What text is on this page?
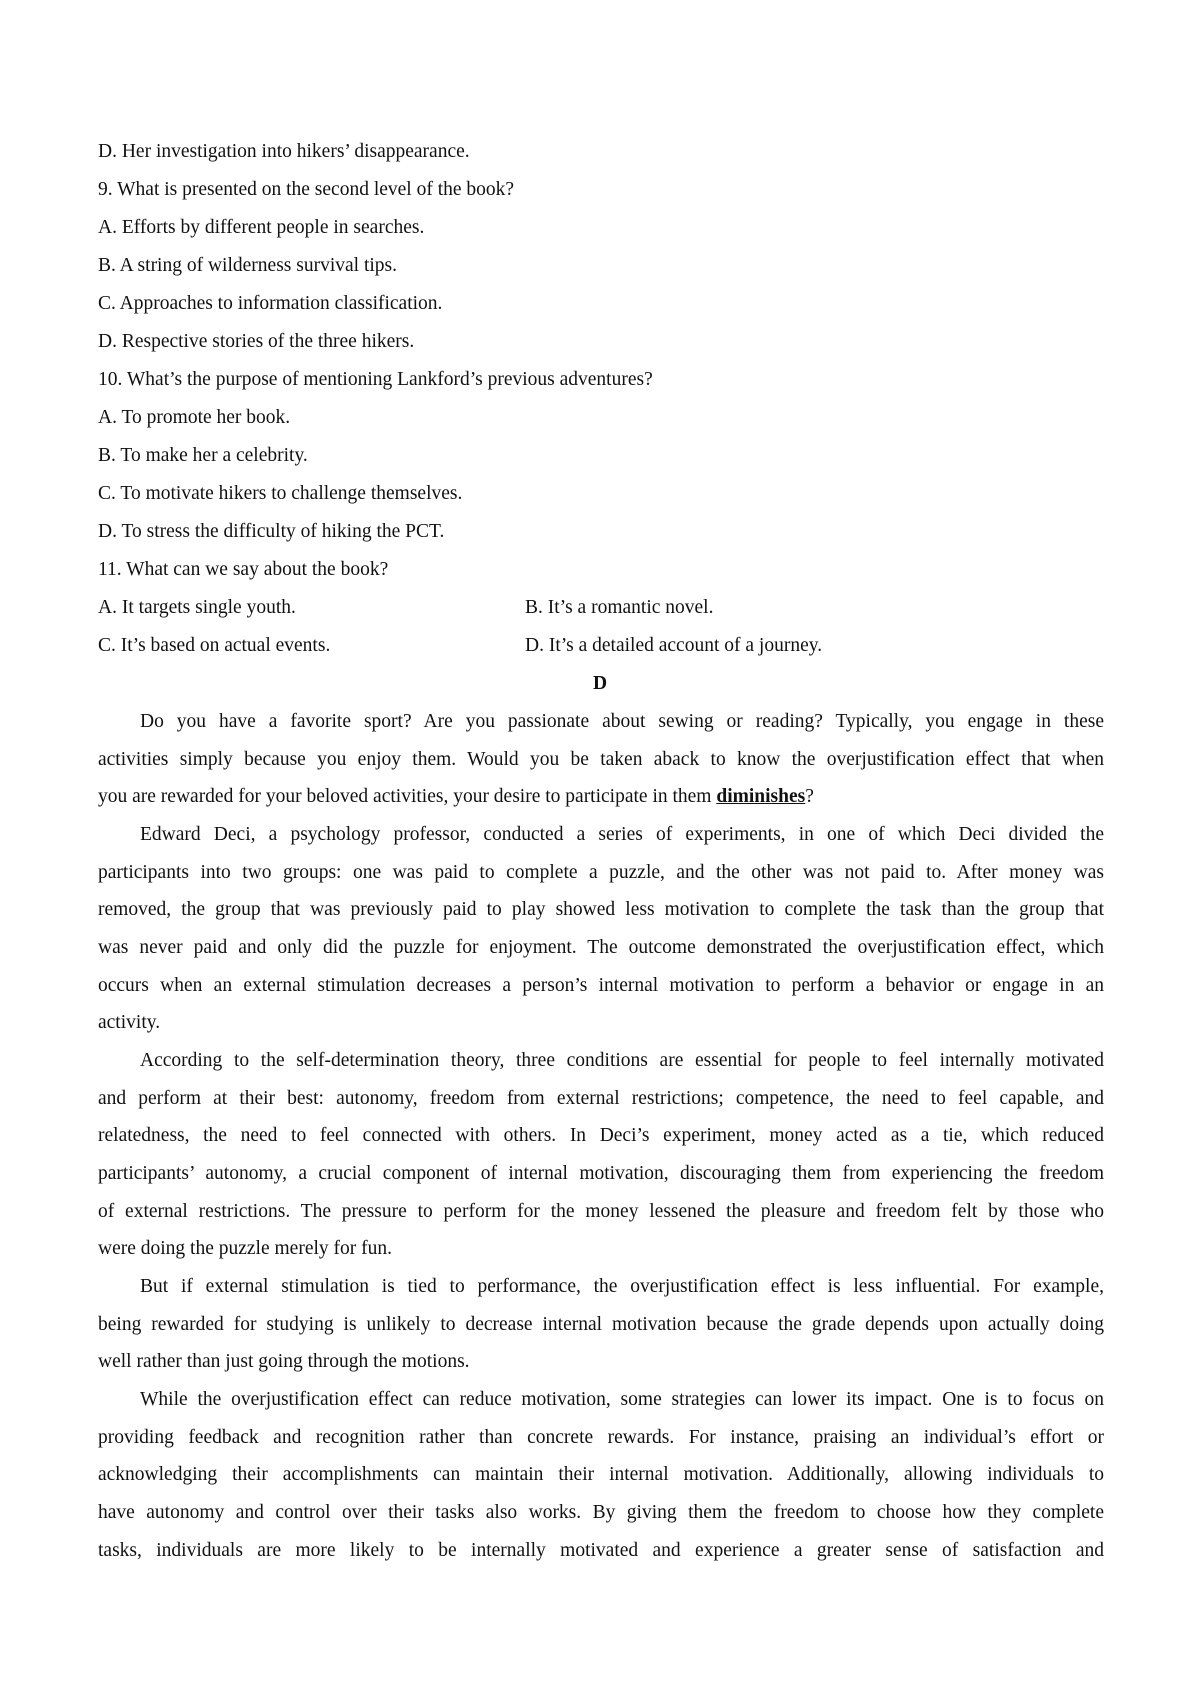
D. Her investigation into hikers’ disappearance.
9. What is presented on the second level of the book?
A. Efforts by different people in searches.
B. A string of wilderness survival tips.
C. Approaches to information classification.
D. Respective stories of the three hikers.
10. What’s the purpose of mentioning Lankford’s previous adventures?
A. To promote her book.
B. To make her a celebrity.
C. To motivate hikers to challenge themselves.
D. To stress the difficulty of hiking the PCT.
11. What can we say about the book?
A. It targets single youth.	B. It’s a romantic novel.
C. It’s based on actual events.	D. It’s a detailed account of a journey.
D
Do you have a favorite sport? Are you passionate about sewing or reading? Typically, you engage in these
activities simply because you enjoy them. Would you be taken aback to know the overjustification effect that when
you are rewarded for your beloved activities, your desire to participate in them diminishes?
Edward Deci, a psychology professor, conducted a series of experiments, in one of which Deci divided the
participants into two groups: one was paid to complete a puzzle, and the other was not paid to. After money was
removed, the group that was previously paid to play showed less motivation to complete the task than the group that
was never paid and only did the puzzle for enjoyment. The outcome demonstrated the overjustification effect, which
occurs when an external stimulation decreases a person’s internal motivation to perform a behavior or engage in an
activity.
According to the self-determination theory, three conditions are essential for people to feel internally motivated
and perform at their best: autonomy, freedom from external restrictions; competence, the need to feel capable, and
relatedness, the need to feel connected with others. In Deci’s experiment, money acted as a tie, which reduced
participants’ autonomy, a crucial component of internal motivation, discouraging them from experiencing the freedom
of external restrictions. The pressure to perform for the money lessened the pleasure and freedom felt by those who
were doing the puzzle merely for fun.
But if external stimulation is tied to performance, the overjustification effect is less influential. For example,
being rewarded for studying is unlikely to decrease internal motivation because the grade depends upon actually doing
well rather than just going through the motions.
While the overjustification effect can reduce motivation, some strategies can lower its impact. One is to focus on
providing feedback and recognition rather than concrete rewards. For instance, praising an individual’s effort or
acknowledging their accomplishments can maintain their internal motivation. Additionally, allowing individuals to
have autonomy and control over their tasks also works. By giving them the freedom to choose how they complete
tasks, individuals are more likely to be internally motivated and experience a greater sense of satisfaction and
